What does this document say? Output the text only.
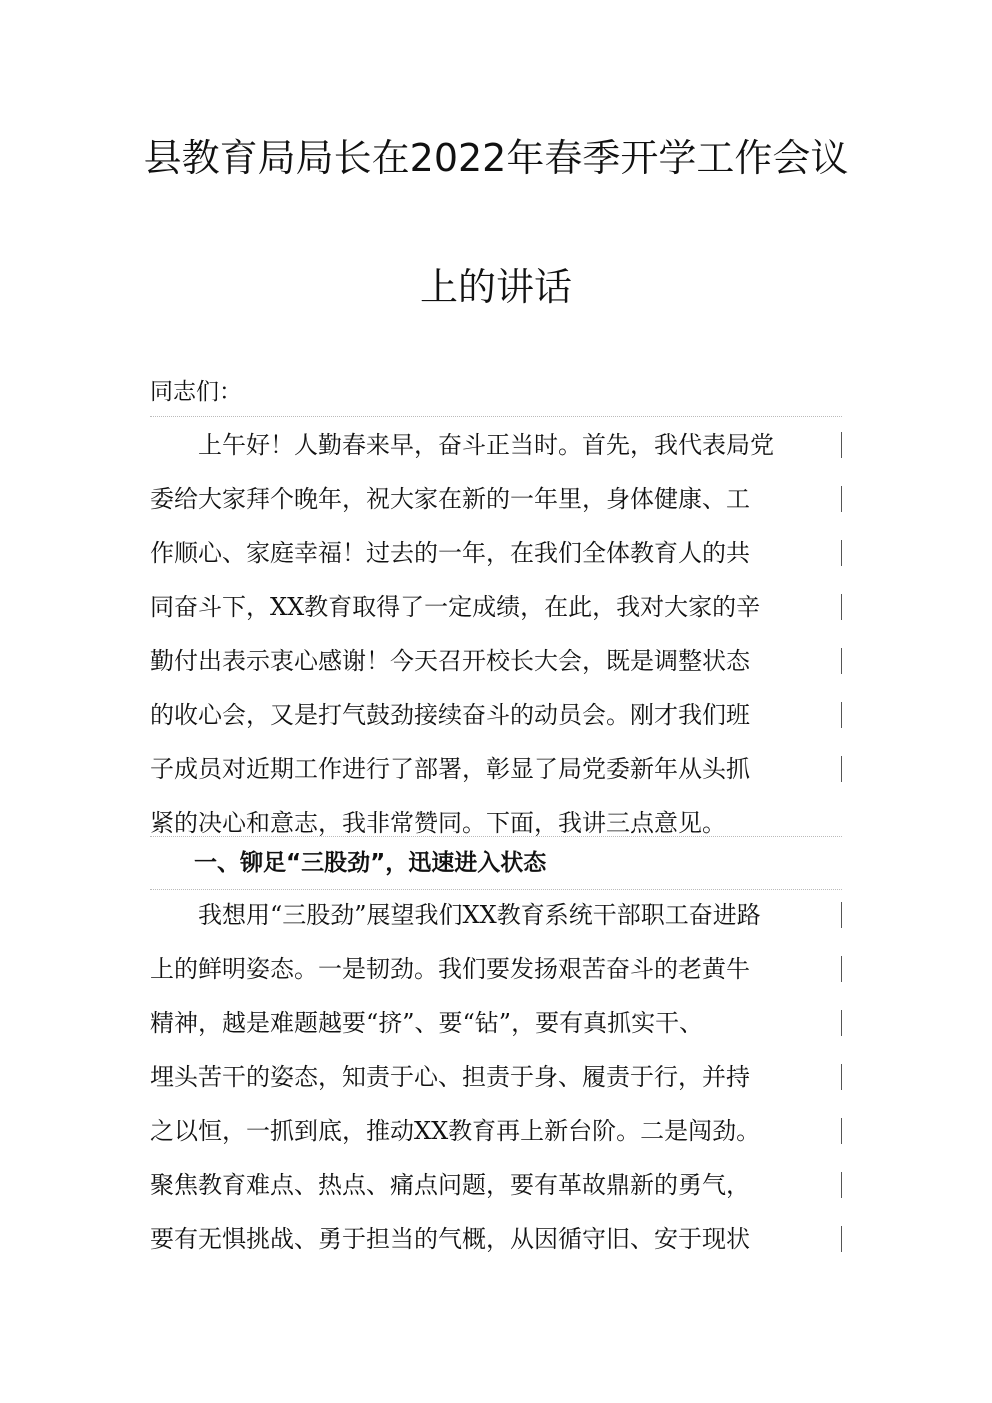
县教育局局长在2022年春季开学工作会议
上的讲话
同志们：
　　上午好！人勤春来早，奋斗正当时。首先，我代表局党
委给大家拜个晚年，祝大家在新的一年里，身体健康、工
作顺心、家庭幸福！过去的一年，在我们全体教育人的共
同奋斗下，XX教育取得了一定成绩，在此，我对大家的辛
勤付出表示衷心感谢！今天召开校长大会，既是调整状态
的收心会，又是打气鼓劲接续奋斗的动员会。刚才我们班
子成员对近期工作进行了部署，彰显了局党委新年从头抓
紧的决心和意志，我非常赞同。下面，我讲三点意见。
一、铆足“三股劲”，迅速进入状态
　　我想用“三股劲”展望我们XX教育系统干部职工奋进路
上的鲜明姿态。一是韧劲。我们要发扬艰苦奋斗的老黄牛
精神，越是难题越要“挤”、要“钻”，要有真抓实干、
埋头苦干的姿态，知责于心、担责于身、履责于行，并持
之以恒，一抓到底，推动XX教育再上新台阶。二是闯劲。
聚焦教育难点、热点、痛点问题，要有革故鼎新的勇气，
要有无惧挑战、勇于担当的气概，从因循守旧、安于现状
